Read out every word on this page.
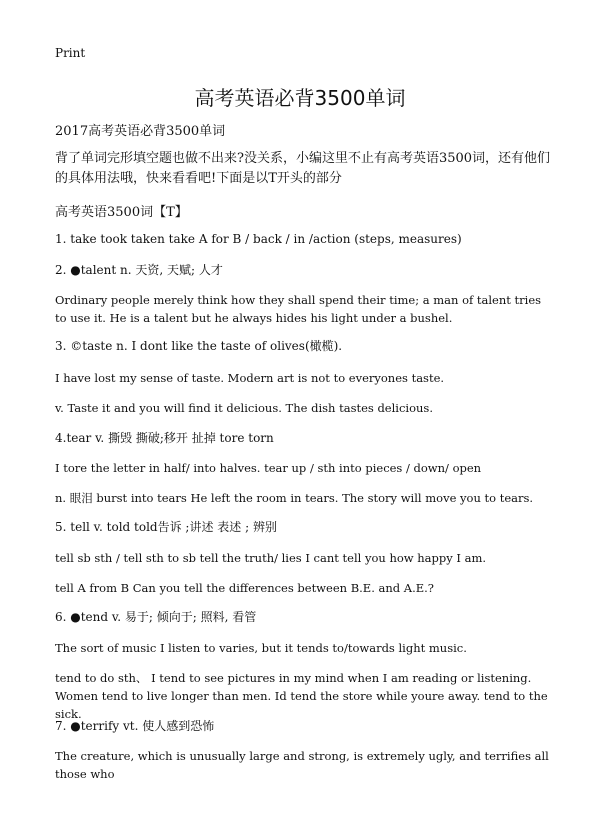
Print
高考英语必背3500单词
2017高考英语必背3500单词
背了单词完形填空题也做不出来?没关系，小编这里不止有高考英语3500词，还有他们的具体用法哦，快来看看吧!下面是以T开头的部分
高考英语3500词【T】
1. take took taken take A for B / back / in /action (steps, measures)
2. ●talent n. 天资, 天赋; 人才
Ordinary people merely think how they shall spend their time; a man of talent tries to use it. He is a talent but he always hides his light under a bushel.
3. ©taste n. I dont like the taste of olives(橄榄).
I have lost my sense of taste. Modern art is not to everyones taste.
v. Taste it and you will find it delicious. The dish tastes delicious.
4.tear v. 撕毁 撕破;移开 扯掉 tore torn
I tore the letter in half/ into halves. tear up / sth into pieces / down/ open
n. 眼泪 burst into tears He left the room in tears. The story will move you to tears.
5. tell v. told told告诉 ;讲述 表述 ; 辨别
tell sb sth / tell sth to sb tell the truth/ lies I cant tell you how happy I am.
tell A from B Can you tell the differences between B.E. and A.E.?
6. ●tend v. 易于; 倾向于; 照料, 看管
The sort of music I listen to varies, but it tends to/towards light music.
tend to do sth、 I tend to see pictures in my mind when I am reading or listening. Women tend to live longer than men. Id tend the store while youre away. tend to the sick.
7. ●terrify vt. 使人感到恐怖
The creature, which is unusually large and strong, is extremely ugly, and terrifies all those who
